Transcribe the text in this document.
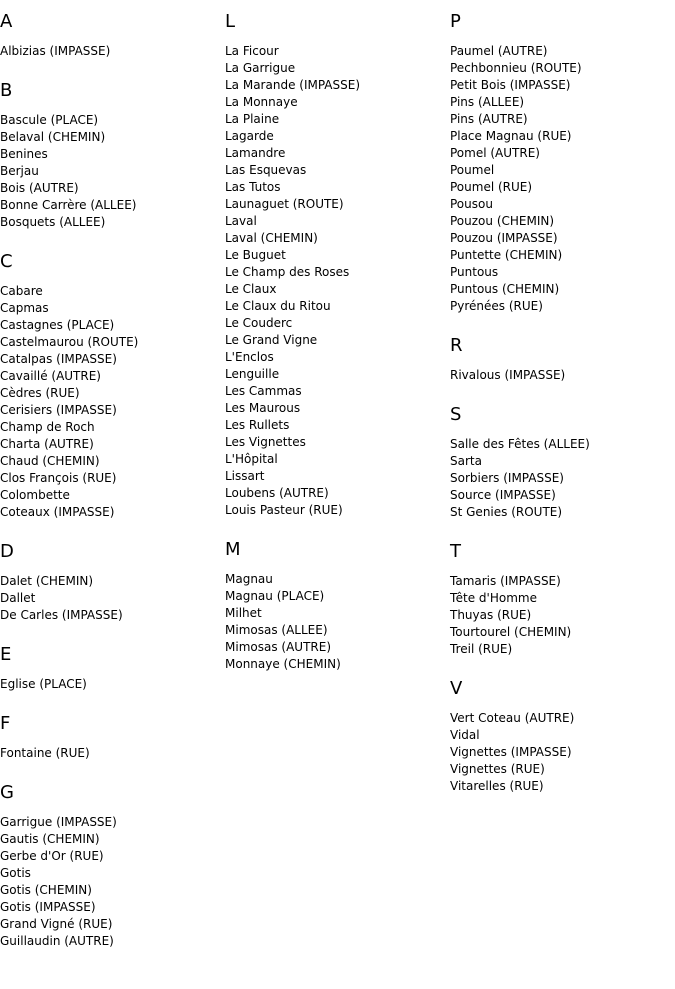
A
Albizias (IMPASSE)
B
Bascule (PLACE)
Belaval (CHEMIN)
Benines
Berjau
Bois (AUTRE)
Bonne Carrère (ALLEE)
Bosquets (ALLEE)
C
Cabare
Capmas
Castagnes (PLACE)
Castelmaurou (ROUTE)
Catalpas (IMPASSE)
Cavaillé (AUTRE)
Cèdres (RUE)
Cerisiers (IMPASSE)
Champ de Roch
Charta (AUTRE)
Chaud (CHEMIN)
Clos François (RUE)
Colombette
Coteaux (IMPASSE)
D
Dalet (CHEMIN)
Dallet
De Carles (IMPASSE)
E
Eglise (PLACE)
F
Fontaine (RUE)
G
Garrigue (IMPASSE)
Gautis (CHEMIN)
Gerbe d'Or (RUE)
Gotis
Gotis (CHEMIN)
Gotis (IMPASSE)
Grand Vigné (RUE)
Guillaudin (AUTRE)
L
La Ficour
La Garrigue
La Marande (IMPASSE)
La Monnaye
La Plaine
Lagarde
Lamandre
Las Esquevas
Las Tutos
Launaguet (ROUTE)
Laval
Laval (CHEMIN)
Le Buguet
Le Champ des Roses
Le Claux
Le Claux du Ritou
Le Couderc
Le Grand Vigne
L'Enclos
Lenguille
Les Cammas
Les Maurous
Les Rullets
Les Vignettes
L'Hôpital
Lissart
Loubens (AUTRE)
Louis Pasteur (RUE)
M
Magnau
Magnau (PLACE)
Milhet
Mimosas (ALLEE)
Mimosas (AUTRE)
Monnaye (CHEMIN)
P
Paumel (AUTRE)
Pechbonnieu (ROUTE)
Petit Bois (IMPASSE)
Pins (ALLEE)
Pins (AUTRE)
Place Magnau (RUE)
Pomel (AUTRE)
Poumel
Poumel (RUE)
Pousou
Pouzou (CHEMIN)
Pouzou (IMPASSE)
Puntette (CHEMIN)
Puntous
Puntous (CHEMIN)
Pyrénées (RUE)
R
Rivalous (IMPASSE)
S
Salle des Fêtes (ALLEE)
Sarta
Sorbiers (IMPASSE)
Source (IMPASSE)
St Genies (ROUTE)
T
Tamaris (IMPASSE)
Tête d'Homme
Thuyas (RUE)
Tourtourel (CHEMIN)
Treil (RUE)
V
Vert Coteau (AUTRE)
Vidal
Vignettes (IMPASSE)
Vignettes (RUE)
Vitarelles (RUE)
